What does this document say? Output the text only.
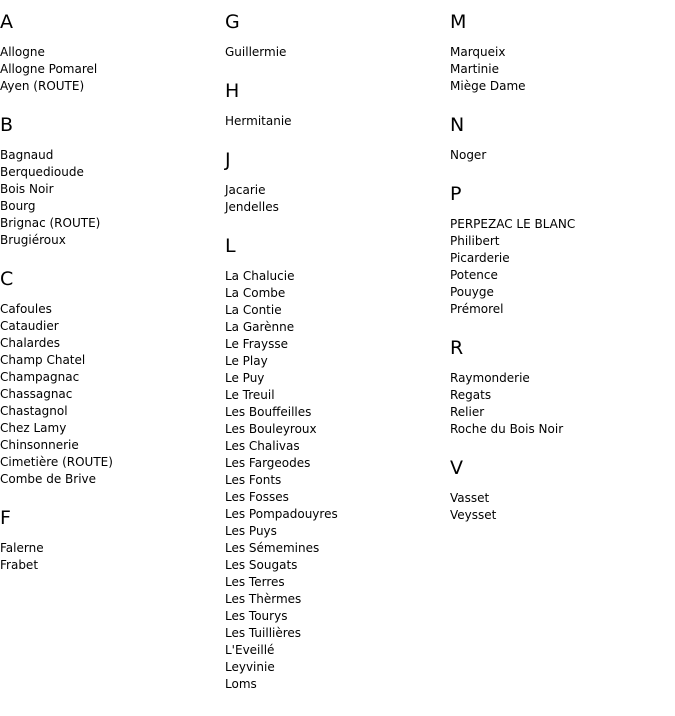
A
Allogne
Allogne Pomarel
Ayen (ROUTE)
B
Bagnaud
Berquedioude
Bois Noir
Bourg
Brignac (ROUTE)
Brugiéroux
C
Cafoules
Cataudier
Chalardes
Champ Chatel
Champagnac
Chassagnac
Chastagnol
Chez Lamy
Chinsonnerie
Cimetière (ROUTE)
Combe de Brive
F
Falerne
Frabet
G
Guillermie
H
Hermitanie
J
Jacarie
Jendelles
L
La Chalucie
La Combe
La Contie
La Garènne
Le Fraysse
Le Play
Le Puy
Le Treuil
Les Bouffeilles
Les Bouleyroux
Les Chalivas
Les Fargeodes
Les Fonts
Les Fosses
Les Pompadouyres
Les Puys
Les Sémemines
Les Sougats
Les Terres
Les Thèrmes
Les Tourys
Les Tuillières
L'Eveillé
Leyvinie
Loms
M
Marqueix
Martinie
Miège Dame
N
Noger
P
PERPEZAC LE BLANC
Philibert
Picarderie
Potence
Pouyge
Prémorel
R
Raymonderie
Regats
Relier
Roche du Bois Noir
V
Vasset
Veysset
